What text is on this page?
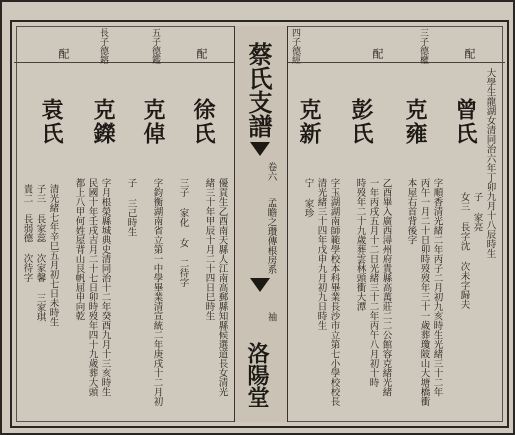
配
三子德權
配
四子德經
曾氏
克雍
彭氏
克新	大學生龍湖女清同治六年丁卯九月十八辰時生
子 家亮
女三 長字沈 次未字歸夫
字順香清光緒二年丙子二月初九亥時生光緒三十二年
丙午一月二十日卯時歿歿年三十一歲葬瓊陂山大塘橋衝
本屋右首背後字
乙酉畢入廣西潯州府貴縣高萬莊二二公館容克緒光緒
一年丙戌五月十二日光緒三十二年丙午八月初十時
時歿年二十九歲葬雲林頭衝大潭
字玉湖湖南師範學校本科畢業長沙市立第七小學校校長
清光緒三十四年戊申九月初九日時生
宁 家珍
蔡氏支譜
卷六
孟瞻之瓚傳根房系
䄂
洛陽堂
配
五子德鑑
長子德鎔
配
徐氏
克倬
克鑅
袁氏
貴二 長弱德 次待字 子三 長家蕊 次家馨 三家琪 清光緒七年辛巳五月初七日未時生 都上八甲何姓屋背山艮帆屈申向乾 民國十年壬戌吉月二十七日卯時歿年四十九歲葬大頭 字月根榮縣城典史清同治十二年癸酉九月十三亥時生 子 三己時生 字鈞衡湖南省立第一中學畢業清宣統二年庚戌十二月初 三子 家化 女 二待字 緒三十年甲辰十月二十四日巳時生 優貢生乙酉南天縣人江南高郵縣知縣候選道長女清光
